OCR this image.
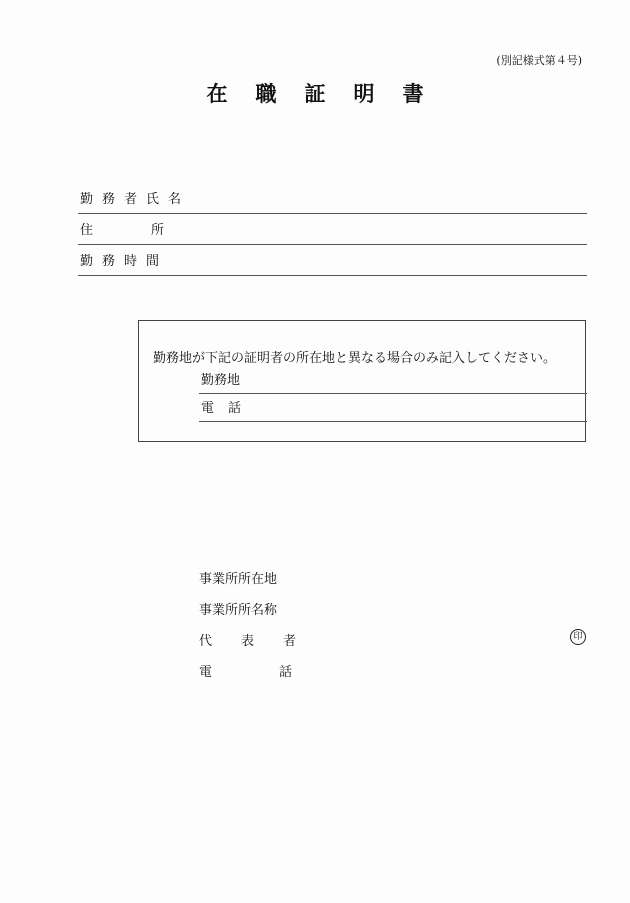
(別記様式第４号)
在職証明書
勤務者氏名
住所
勤務時間
勤務地が下記の証明者の所在地と異なる場合のみ記入してください。
勤務地
電話
事業所所在地
事業所所名称
代表者
電話
印
